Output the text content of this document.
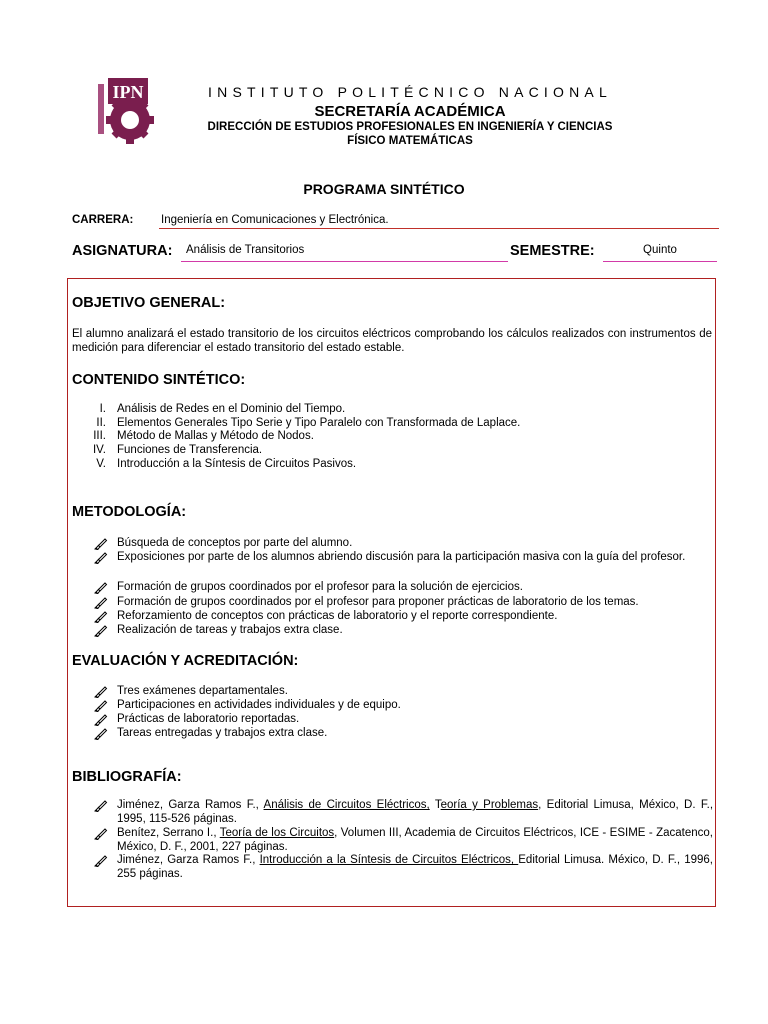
IPN	INSTITUTO POLITÉCNICO NACIONAL
SECRETARÍA ACADÉMICA
DIRECCIÓN DE ESTUDIOS PROFESIONALES EN INGENIERÍA Y CIENCIAS
FÍSICO MATEMÁTICAS
PROGRAMA SINTÉTICO
CARRERA: Ingeniería en Comunicaciones y Electrónica.
ASIGNATURA:	Análisis de Transitorios	SEMESTRE:	Quinto
OBJETIVO GENERAL:
El alumno analizará el estado transitorio de los circuitos eléctricos comprobando los cálculos realizados con instrumentos de medición para diferenciar el estado transitorio del estado estable.
CONTENIDO SINTÉTICO:
I. Análisis de Redes en el Dominio del Tiempo.
II. Elementos Generales Tipo Serie y Tipo Paralelo con Transformada de Laplace.
III. Método de Mallas y Método de Nodos.
IV. Funciones de Transferencia.
V. Introducción a la Síntesis de Circuitos Pasivos.
METODOLOGÍA:
Búsqueda de conceptos por parte del alumno.
Exposiciones por parte de los alumnos abriendo discusión para la participación masiva con la guía del profesor.
Formación de grupos coordinados por el profesor para la solución de ejercicios.
Formación de grupos coordinados por el profesor para proponer prácticas de laboratorio de los temas.
Reforzamiento de conceptos con prácticas de laboratorio y el reporte correspondiente.
Realización de tareas y trabajos extra clase.
EVALUACIÓN Y ACREDITACIÓN:
Tres exámenes departamentales.
Participaciones en actividades individuales y de equipo.
Prácticas de laboratorio reportadas.
Tareas entregadas y trabajos extra clase.
BIBLIOGRAFÍA:
Jiménez, Garza Ramos F., Análisis de Circuitos Eléctricos, Teoría y Problemas, Editorial Limusa, México, D. F., 1995, 115-526 páginas.
Benítez, Serrano I., Teoría de los Circuitos, Volumen III, Academia de Circuitos Eléctricos, ICE - ESIME - Zacatenco, México, D. F., 2001, 227 páginas.
Jiménez, Garza Ramos F., Introducción a la Síntesis de Circuitos Eléctricos, Editorial Limusa. México, D. F., 1996, 255 páginas.
